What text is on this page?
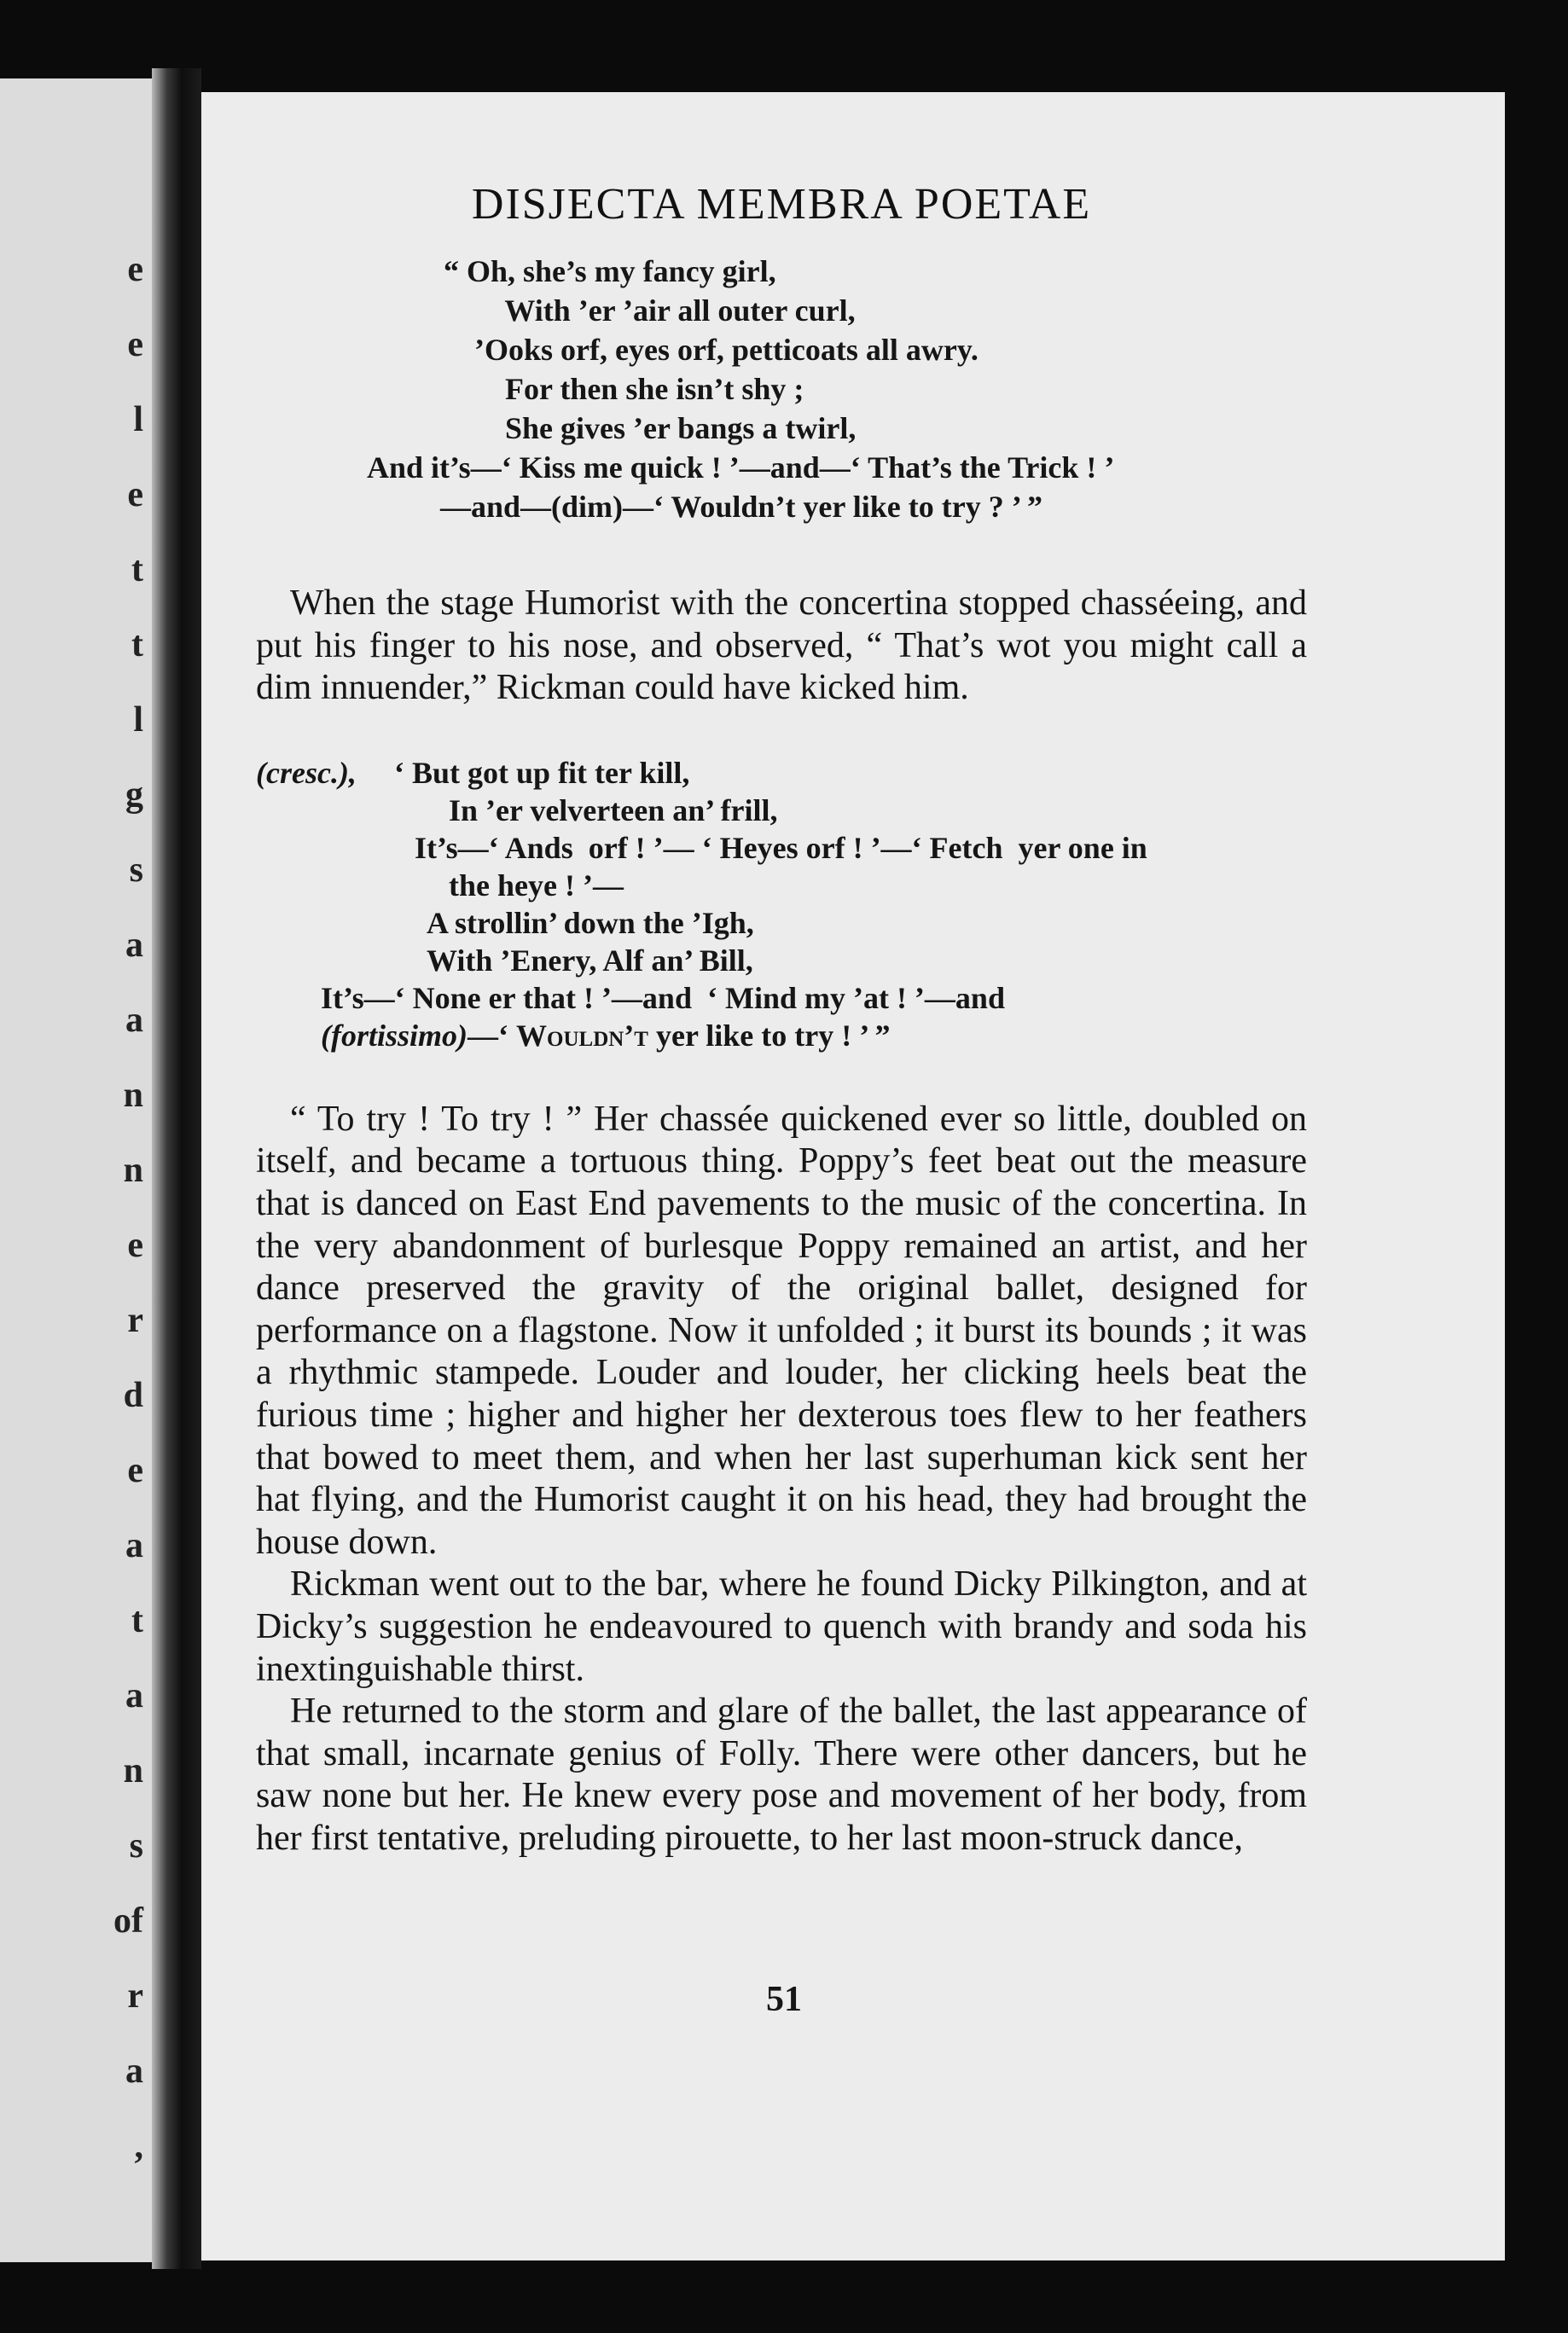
e
e
l
e
t
t
l
g
s
a
a
n
n
e
r
d
e
a
t
a
n
s
of
r
a
,
DISJECTA MEMBRA POETAE
“ Oh, she’s my fancy girl,
With ’er ’air all outer curl,
’Ooks orf, eyes orf, petticoats all awry.
For then she isn’t shy ;
She gives ’er bangs a twirl,
And it’s—‘ Kiss me quick ! ’—and—‘ That’s the Trick ! ’
—and—(dim)—‘ Wouldn’t yer like to try ? ’ ”

When the stage Humorist with the concertina stopped chasséeing, and put his finger to his nose, and observed, “ That’s wot you might call a dim innuender,” Rickman could have kicked him.

(cresc.), ‘ But got up fit ter kill,
In ’er velverteen an’ frill,
It’s—‘ Ands  orf ! ’— ‘ Heyes orf ! ’—‘ Fetch  yer one in
the heye ! ’—
A strollin’ down the ’Igh,
With ’Enery, Alf an’ Bill,
It’s—‘ None er that ! ’—and  ‘ Mind my ’at ! ’—and
(fortissimo)—‘ Wouldn’t yer like to try ! ’ ”

“ To try ! To try ! ” Her chassée quickened ever so little, doubled on itself, and became a tortuous thing. Poppy’s feet beat out the measure that is danced on East End pavements to the music of the concertina. In the very abandonment of burlesque Poppy remained an artist, and her dance preserved the gravity of the original ballet, designed for performance on a flagstone. Now it unfolded ; it burst its bounds ; it was a rhythmic stampede. Louder and louder, her clicking heels beat the furious time ; higher and higher her dexterous toes flew to her feathers that bowed to meet them, and when her last superhuman kick sent her hat flying, and the Humorist caught it on his head, they had brought the house down.

Rickman went out to the bar, where he found Dicky Pilkington, and at Dicky’s suggestion he endeavoured to quench with brandy and soda his inextinguishable thirst.

He returned to the storm and glare of the ballet, the last appearance of that small, incarnate genius of Folly. There were other dancers, but he saw none but her. He knew every pose and movement of her body, from her first tentative, preluding pirouette, to her last moon-struck dance,

51
